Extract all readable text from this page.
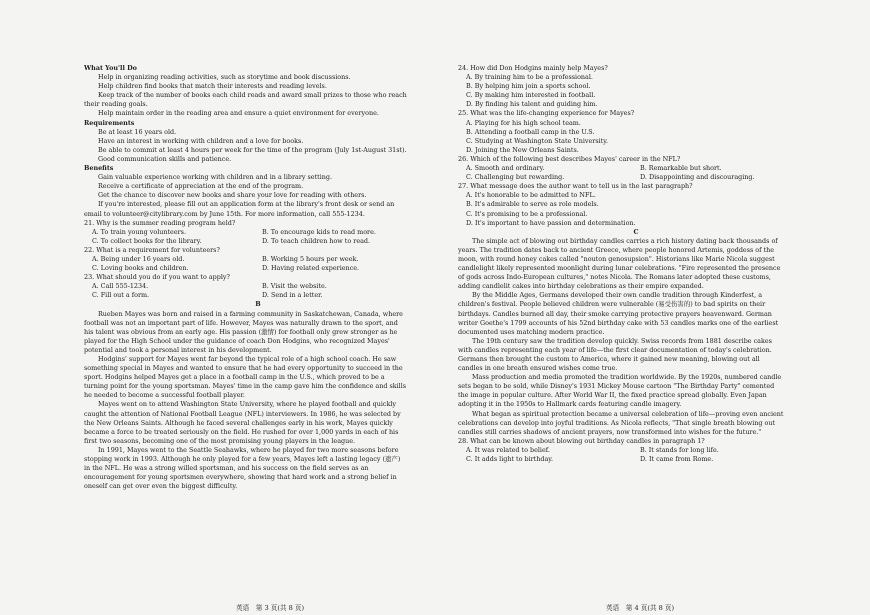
What You'll Do
Help in organizing reading activities, such as storytime and book discussions.
Help children find books that match their interests and reading levels.
Keep track of the number of books each child reads and award small prizes to those who reach
their reading goals.
Help maintain order in the reading area and ensure a quiet environment for everyone.
Requirements
Be at least 16 years old.
Have an interest in working with children and a love for books.
Be able to commit at least 4 hours per week for the time of the program (July 1st-August 31st).
Good communication skills and patience.
Benefits
Gain valuable experience working with children and in a library setting.
Receive a certificate of appreciation at the end of the program.
Get the chance to discover new books and share your love for reading with others.
If you're interested, please fill out an application form at the library's front desk or send an
email to volunteer@citylibrary.com by June 15th. For more information, call 555-1234.
21. Why is the summer reading program held?
A. To train young volunteers.	B. To encourage kids to read more.
C. To collect books for the library.	D. To teach children how to read.
22. What is a requirement for volunteers?
A. Being under 16 years old.	B. Working 5 hours per week.
C. Loving books and children.	D. Having related experience.
23. What should you do if you want to apply?
A. Call 555-1234.	B. Visit the website.
C. Fill out a form.	D. Send in a letter.
B
Rueben Mayes was born and raised in a farming community in Saskatchewan, Canada, where
football was not an important part of life. However, Mayes was naturally drawn to the sport, and
his talent was obvious from an early age. His passion (激情) for football only grew stronger as he
played for the High School under the guidance of coach Don Hodgins, who recognized Mayes'
potential and took a personal interest in his development.
Hodgins' support for Mayes went far beyond the typical role of a high school coach. He saw
something special in Mayes and wanted to ensure that he had every opportunity to succeed in the
sport. Hodgins helped Mayes get a place in a football camp in the U.S., which proved to be a
turning point for the young sportsman. Mayes' time in the camp gave him the confidence and skills
he needed to become a successful football player.
Mayes went on to attend Washington State University, where he played football and quickly
caught the attention of National Football League (NFL) interviewers. In 1986, he was selected by
the New Orleans Saints. Although he faced several challenges early in his work, Mayes quickly
became a force to be treated seriously on the field. He rushed for over 1,000 yards in each of his
first two seasons, becoming one of the most promising young players in the league.
In 1991, Mayes went to the Seattle Seahawks, where he played for two more seasons before
stopping work in 1993. Although he only played for a few years, Mayes left a lasting legacy (遗产)
in the NFL. He was a strong willed sportsman, and his success on the field serves as an
encouragement for young sportsmen everywhere, showing that hard work and a strong belief in
oneself can get over even the biggest difficulty.
24. How did Don Hodgins mainly help Mayes?
A. By training him to be a professional.
B. By helping him join a sports school.
C. By making him interested in football.
D. By finding his talent and guiding him.
25. What was the life-changing experience for Mayes?
A. Playing for his high school team.
B. Attending a football camp in the U.S.
C. Studying at Washington State University.
D. Joining the New Orleans Saints.
26. Which of the following best describes Mayes' career in the NFL?
A. Smooth and ordinary.	B. Remarkable but short.
C. Challenging but rewarding.	D. Disappointing and discouraging.
27. What message does the author want to tell us in the last paragraph?
A. It's honorable to be admitted to NFL.
B. It's admirable to serve as role models.
C. It's promising to be a professional.
D. It's important to have passion and determination.
C
The simple act of blowing out birthday candles carries a rich history dating back thousands of
years. The tradition dates back to ancient Greece, where people honored Artemis, goddess of the
moon, with round honey cakes called "nouton genosupsion". Historians like Marie Nicola suggest
candlelight likely represented moonlight during lunar celebrations. "Fire represented the presence
of gods across Indo-European cultures," notes Nicola. The Romans later adopted these customs,
adding candlelit cakes into birthday celebrations as their empire expanded.
By the Middle Ages, Germans developed their own candle tradition through Kinderfest, a
children's festival. People believed children were vulnerable (易受伤害的) to bad spirits on their
birthdays. Candles burned all day, their smoke carrying protective prayers heavenward. German
writer Goethe's 1799 accounts of his 52nd birthday cake with 53 candles marks one of the earliest
documented uses matching modern practice.
The 19th century saw the tradition develop quickly. Swiss records from 1881 describe cakes
with candles representing each year of life—the first clear documentation of today's celebration.
Germans then brought the custom to America, where it gained new meaning, blowing out all
candles in one breath ensured wishes come true.
Mass production and media promoted the tradition worldwide. By the 1920s, numbered candle
sets began to be sold, while Disney's 1931 Mickey Mouse cartoon "The Birthday Party" cemented
the image in popular culture. After World War II, the fixed practice spread globally. Even Japan
adopting it in the 1950s to Hallmark cards featuring candle imagery.
What began as spiritual protection became a universal celebration of life—proving even ancient
celebrations can develop into joyful traditions. As Nicola reflects, "That single breath blowing out
candles still carries shadows of ancient prayers, now transformed into wishes for the future."
28. What can be known about blowing out birthday candles in paragraph 1?
A. It was related to belief.	B. It stands for long life.
C. It adds light to birthday.	D. It came from Rome.
英语　第 3 页(共 8 页)	英语　第 4 页(共 8 页)
